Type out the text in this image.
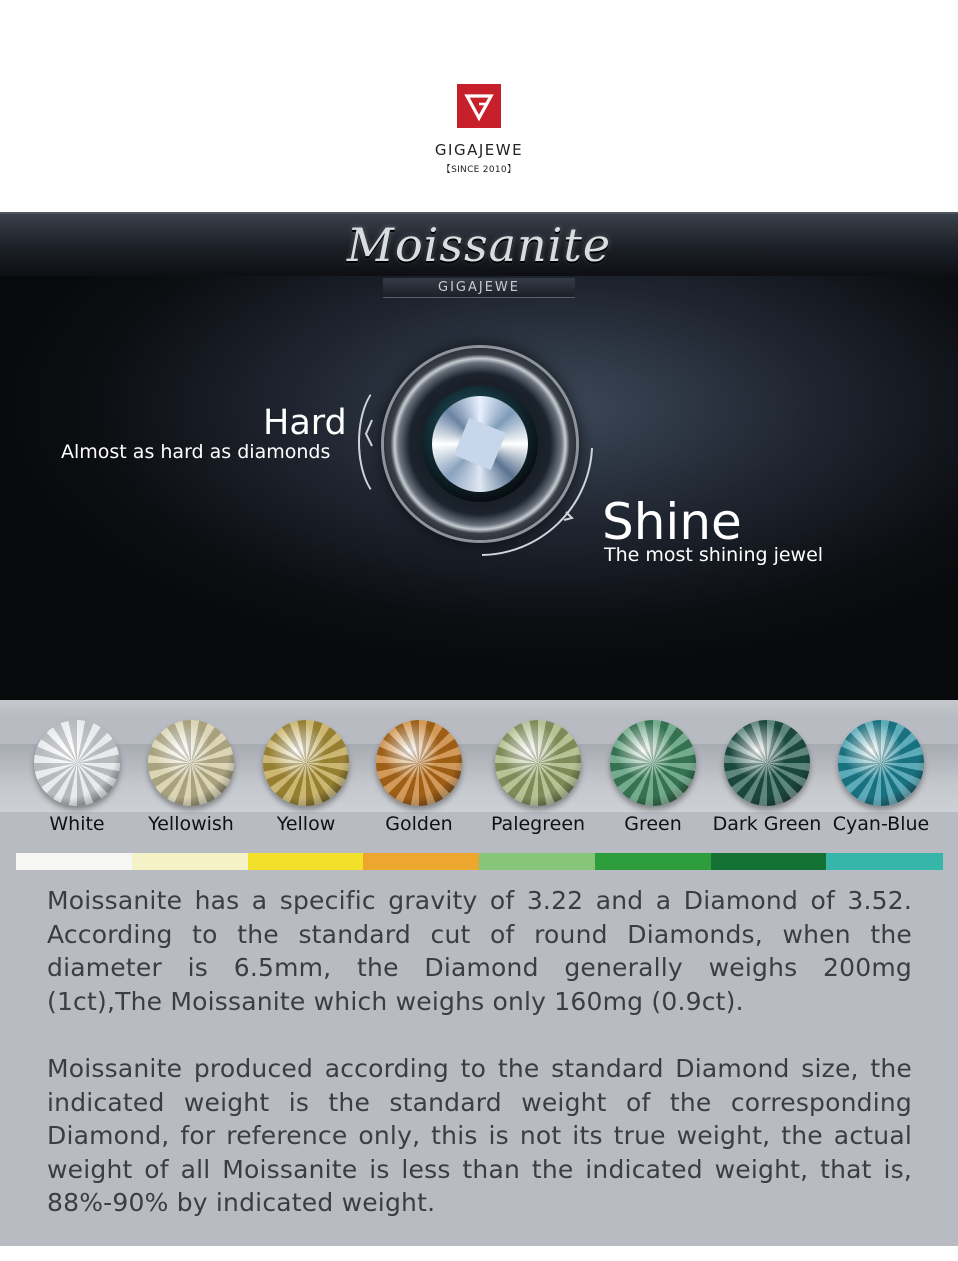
GIGAJEWE
【SINCE 2010】
Moissanite
GIGAJEWE
Hard
Almost as hard as diamonds
Shine
The most shining jewel
White	Yellowish	Yellow	Golden	Palegreen	Green	Dark Green Cyan-Blue
Moissanite has a specific gravity of 3.22 and a Diamond of 3.52. According to the standard cut of round Diamonds, when the diameter is 6.5mm, the Diamond generally weighs 200mg (1ct),The Moissanite which weighs only 160mg (0.9ct).
Moissanite produced according to the standard Diamond size, the indicated weight is the standard weight of the corresponding Diamond, for reference only, this is not its true weight, the actual weight of all Moissanite is less than the indicated weight, that is, 88%-90% by indicated weight.
